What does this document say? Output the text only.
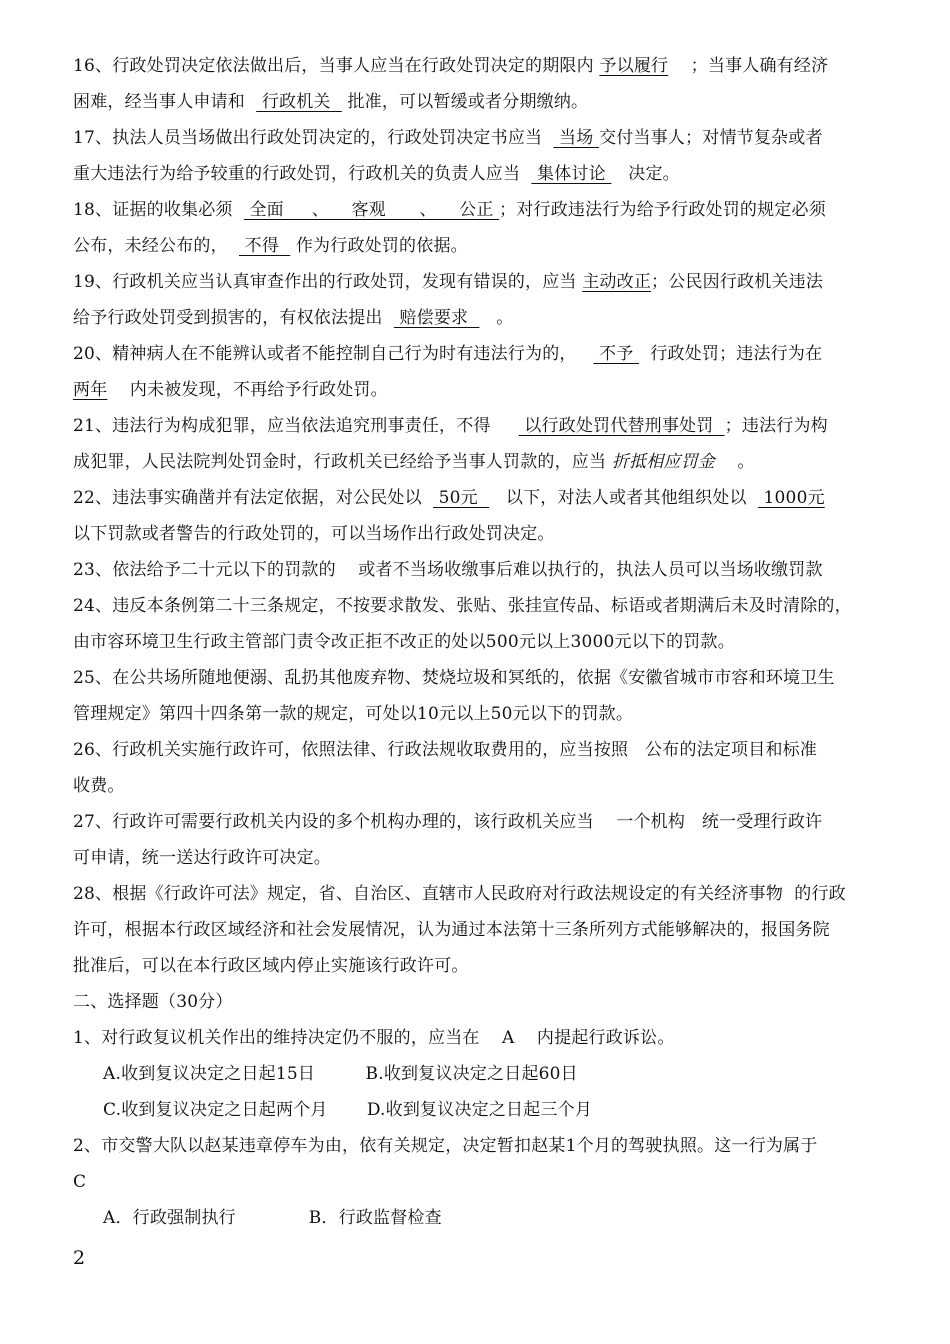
16、行政处罚决定依法做出后，当事人应当在行政处罚决定的期限内 予以履行    ；当事人确有经济
困难，经当事人申请和   行政机关   批准，可以暂缓或者分期缴纳。
17、执法人员当场做出行政处罚决定的，行政处罚决定书应当   当场 交付当事人；对情节复杂或者
重大违法行为给予较重的行政处罚，行政机关的负责人应当   集体讨论    决定。
18、证据的收集必须   全面     、    客观      、    公正 ；对行政违法行为给予行政处罚的规定必须
公布，未经公布的，   不得   作为行政处罚的依据。
19、行政机关应当认真审查作出的行政处罚，发现有错误的，应当 主动改正；公民因行政机关违法
给予行政处罚受到损害的，有权依法提出   赔偿要求     。
20、精神病人在不能辨认或者不能控制自己行为时有违法行为的，    不予   行政处罚；违法行为在
两年    内未被发现，不再给予行政处罚。
21、违法行为构成犯罪，应当依法追究刑事责任，不得      以行政处罚代替刑事处罚  ；违法行为构
成犯罪，人民法院判处罚金时，行政机关已经给予当事人罚款的，应当 折抵相应罚金    。
22、违法事实确凿并有法定依据，对公民处以   50元     以下，对法人或者其他组织处以   1000元
以下罚款或者警告的行政处罚的，可以当场作出行政处罚决定。
23、依法给予二十元以下的罚款的    或者不当场收缴事后难以执行的，执法人员可以当场收缴罚款
24、违反本条例第二十三条规定，不按要求散发、张贴、张挂宣传品、标语或者期满后未及时清除的，
由市容环境卫生行政主管部门责令改正拒不改正的处以500元以上3000元以下的罚款。
25、在公共场所随地便溺、乱扔其他废弃物、焚烧垃圾和冥纸的，依据《安徽省城市市容和环境卫生
管理规定》第四十四条第一款的规定，可处以10元以上50元以下的罚款。
26、行政机关实施行政许可，依照法律、行政法规收取费用的，应当按照   公布的法定项目和标准
收费。
27、行政许可需要行政机关内设的多个机构办理的，该行政机关应当    一个机构   统一受理行政许
可申请，统一送达行政许可决定。
28、根据《行政许可法》规定，省、自治区、直辖市人民政府对行政法规设定的有关经济事物  的行政
许可，根据本行政区域经济和社会发展情况，认为通过本法第十三条所列方式能够解决的，报国务院
批准后，可以在本行政区域内停止实施该行政许可。
二、选择题（30分）
1、对行政复议机关作出的维持决定仍不服的，应当在    A    内提起行政诉讼。
A.收到复议决定之日起15日         B.收到复议决定之日起60日
C.收到复议决定之日起两个月       D.收到复议决定之日起三个月
2、市交警大队以赵某违章停车为由，依有关规定，决定暂扣赵某1个月的驾驶执照。这一行为属于
C
A．行政强制执行             B．行政监督检查
2
